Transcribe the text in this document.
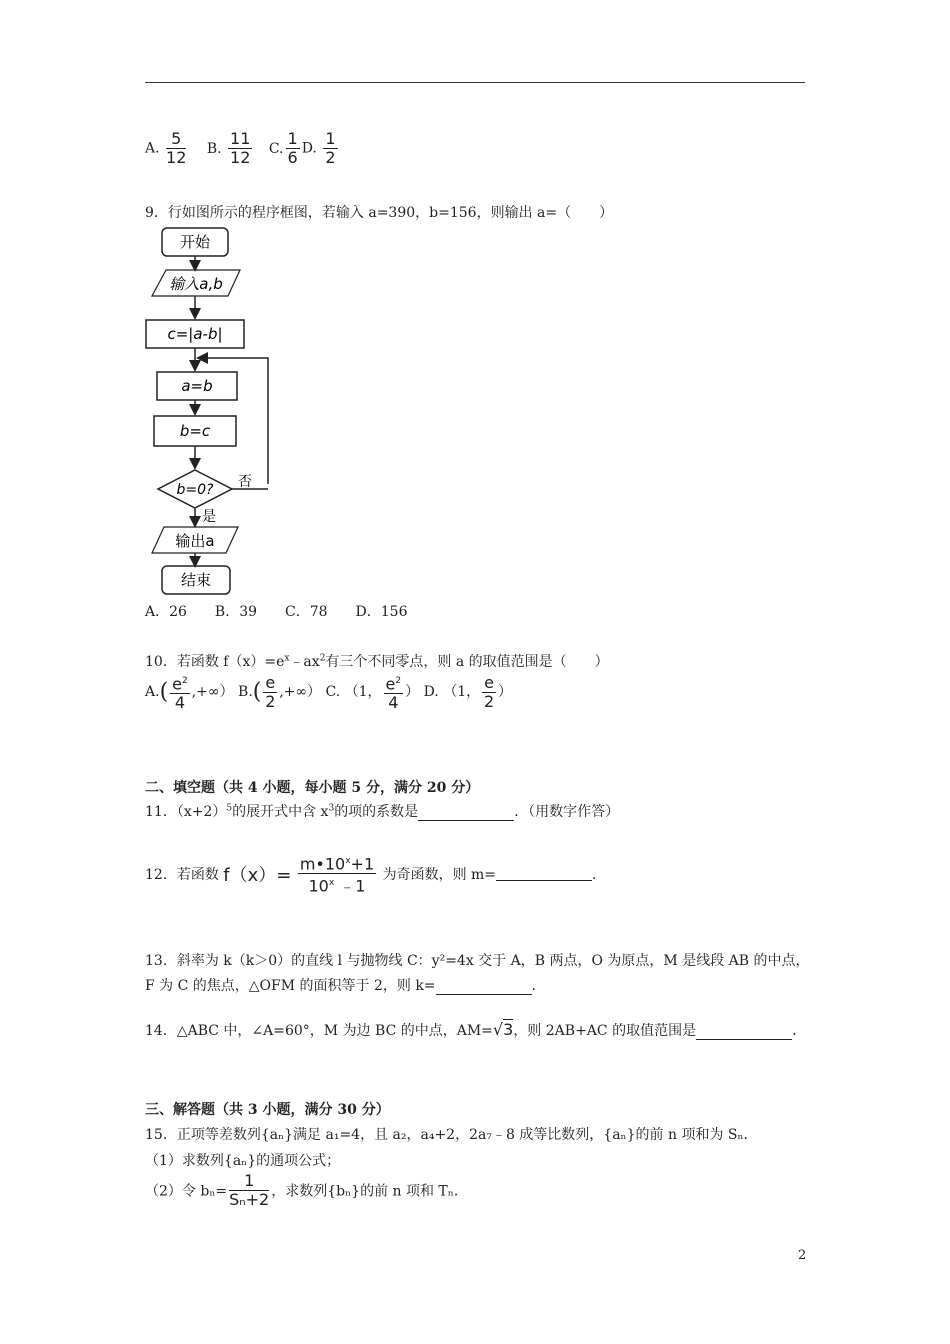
A. $\frac{5}{12} B$. $\frac{11}{12} C$. $\frac{1}{6} D$. $\frac{1}{2}$
9．行如图所示的程序框图，若输入 a=390，b=156，则输出 a=（　　）
开始
输入a,b
c=|a-b|
a=b
b=c
b=0? 否
是
输出a
结束
A．26　　B．39　　C．78　　D．156
10．若函数 $f(x)=e^x﹣ax^2$有三个不同零点，则 a 的取值范围是（　　）
$A.( \frac{e^2}{4}$ ,+∞） $B.( \frac{e}{2}$ ,+∞） C. （1， $\frac{e^2}{4}$ ） D. （1， $\frac{e}{2}$ ）
二、填空题（共 4 小题，每小题 5 分，满分 20 分）
11．$(x+2)^5$的展开式中含 $x^3$的项的系数是	．（用数字作答）
12．若函数 $f(x)= \frac{m•10^x+1}{10^x ﹣1}$ 为奇函数，则 m=	．
13．斜率为 k（k＞0）的直线 l 与抛物线 C：y²=4x 交于 A，B 两点，O 为原点，M 是线段 AB 的中点，
F 为 C 的焦点，△OFM 的面积等于 2，则 k=	．
14．△ABC 中，∠A=60°，M 为边 BC 的中点，AM=√3，则 2AB+AC 的取值范围是	．
三、解答题（共 3 小题，满分 30 分）
15．正项等差数列{aₙ}满足 a₁=4，且 a₂，a₄+2，2a₇﹣8 成等比数列，{aₙ}的前 n 项和为 Sₙ．
（1）求数列{aₙ}的通项公式；
（2）令 $b_n= \frac{1}{\text{Sₙ+2}}$ ，求数列{bₙ}的前 n 项和 Tₙ．
2
